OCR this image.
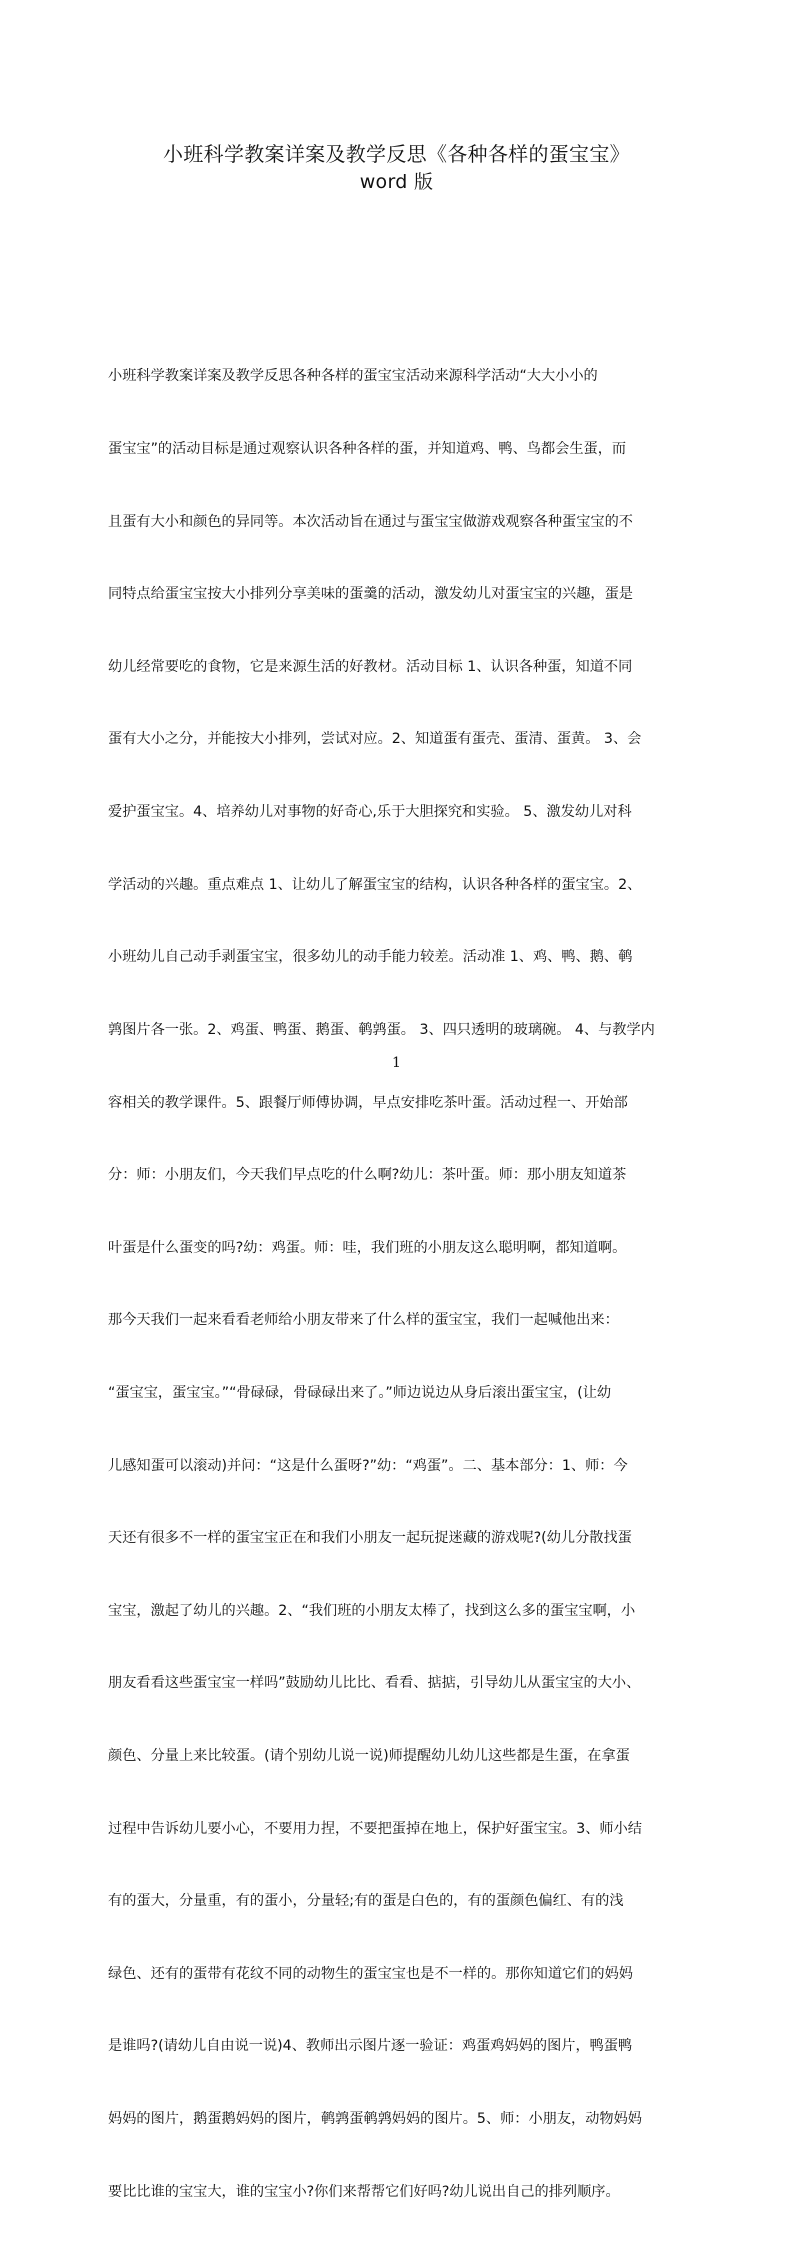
小班科学教案详案及教学反思《各种各样的蛋宝宝》
word 版

小班科学教案详案及教学反思各种各样的蛋宝宝活动来源科学活动“大大小小的

蛋宝宝”的活动目标是通过观察认识各种各样的蛋，并知道鸡、鸭、鸟都会生蛋，而

且蛋有大小和颜色的异同等。本次活动旨在通过与蛋宝宝做游戏观察各种蛋宝宝的不

同特点给蛋宝宝按大小排列分享美味的蛋羹的活动，激发幼儿对蛋宝宝的兴趣，蛋是

幼儿经常要吃的食物，它是来源生活的好教材。活动目标 1、认识各种蛋，知道不同

蛋有大小之分，并能按大小排列，尝试对应。2、知道蛋有蛋壳、蛋清、蛋黄。 3、会

爱护蛋宝宝。4、培养幼儿对事物的好奇心,乐于大胆探究和实验。 5、激发幼儿对科

学活动的兴趣。重点难点 1、让幼儿了解蛋宝宝的结构，认识各种各样的蛋宝宝。2、

小班幼儿自己动手剥蛋宝宝，很多幼儿的动手能力较差。活动准 1、鸡、鸭、鹅、鹌

鹑图片各一张。2、鸡蛋、鸭蛋、鹅蛋、鹌鹑蛋。 3、四只透明的玻璃碗。 4、与教学内

容相关的教学课件。5、跟餐厅师傅协调，早点安排吃茶叶蛋。活动过程一、开始部

分：师：小朋友们，今天我们早点吃的什么啊?幼儿：茶叶蛋。师：那小朋友知道茶

叶蛋是什么蛋变的吗?幼：鸡蛋。师：哇，我们班的小朋友这么聪明啊，都知道啊。

那今天我们一起来看看老师给小朋友带来了什么样的蛋宝宝，我们一起喊他出来：

“蛋宝宝，蛋宝宝。”“骨碌碌，骨碌碌出来了。”师边说边从身后滚出蛋宝宝，(让幼

儿感知蛋可以滚动)并问：“这是什么蛋呀?”幼：“鸡蛋”。二、基本部分：1、师：今

天还有很多不一样的蛋宝宝正在和我们小朋友一起玩捉迷藏的游戏呢?(幼儿分散找蛋

宝宝，激起了幼儿的兴趣。2、“我们班的小朋友太棒了，找到这么多的蛋宝宝啊，小

朋友看看这些蛋宝宝一样吗”鼓励幼儿比比、看看、掂掂，引导幼儿从蛋宝宝的大小、

颜色、分量上来比较蛋。(请个别幼儿说一说)师提醒幼儿幼儿这些都是生蛋，在拿蛋

过程中告诉幼儿要小心，不要用力捏，不要把蛋掉在地上，保护好蛋宝宝。3、师小结

有的蛋大，分量重，有的蛋小，分量轻;有的蛋是白色的，有的蛋颜色偏红、有的浅

绿色、还有的蛋带有花纹不同的动物生的蛋宝宝也是不一样的。那你知道它们的妈妈

是谁吗?(请幼儿自由说一说)4、教师出示图片逐一验证：鸡蛋鸡妈妈的图片，鸭蛋鸭

妈妈的图片，鹅蛋鹅妈妈的图片，鹌鹑蛋鹌鹑妈妈的图片。5、师：小朋友，动物妈妈

要比比谁的宝宝大，谁的宝宝小?你们来帮帮它们好吗?幼儿说出自己的排列顺序。

1
